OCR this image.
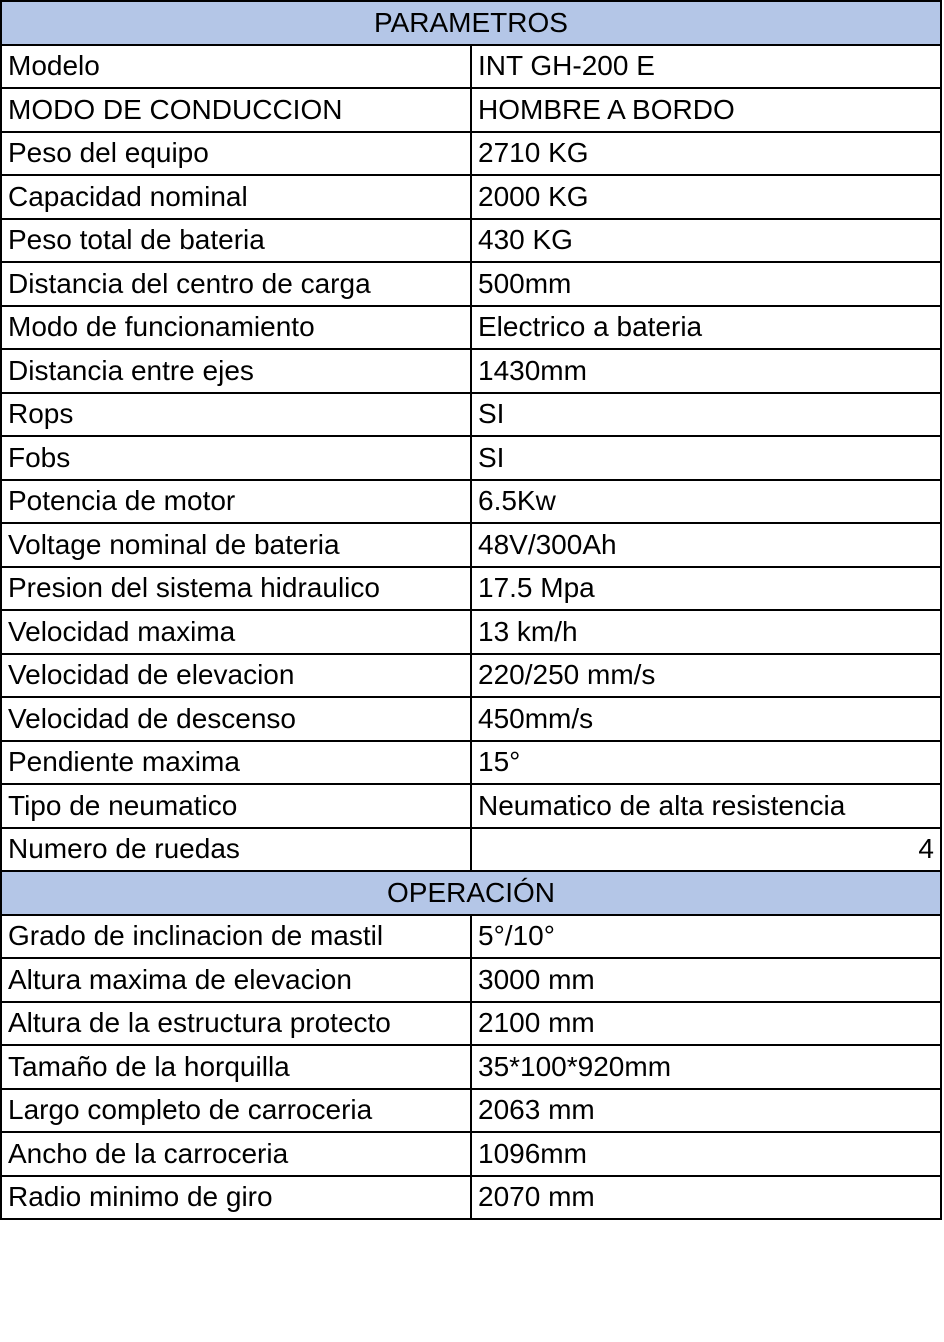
PARAMETROS	
Modelo	INT GH-200 E
MODO DE CONDUCCION	HOMBRE A BORDO
Peso del equipo	2710 KG
Capacidad nominal	2000 KG
Peso total de bateria	430 KG
Distancia del centro de carga	500mm
Modo de funcionamiento	Electrico a bateria
Distancia entre ejes	1430mm
Rops	SI
Fobs	SI
Potencia de motor	6.5Kw
Voltage nominal de bateria	48V/300Ah
Presion del sistema hidraulico	17.5 Mpa
Velocidad maxima	13 km/h
Velocidad de elevacion	220/250 mm/s
Velocidad de descenso	450mm/s
Pendiente maxima	15°
Tipo de neumatico	Neumatico de alta resistencia
Numero de ruedas	4
OPERACIÓN	
Grado de inclinacion de mastil	5°/10°
Altura maxima de elevacion	3000 mm
Altura de la estructura protecto	2100 mm
Tamaño de la horquilla	35*100*920mm
Largo completo de carroceria	2063 mm
Ancho de la carroceria	1096mm
Radio minimo de giro	2070 mm
